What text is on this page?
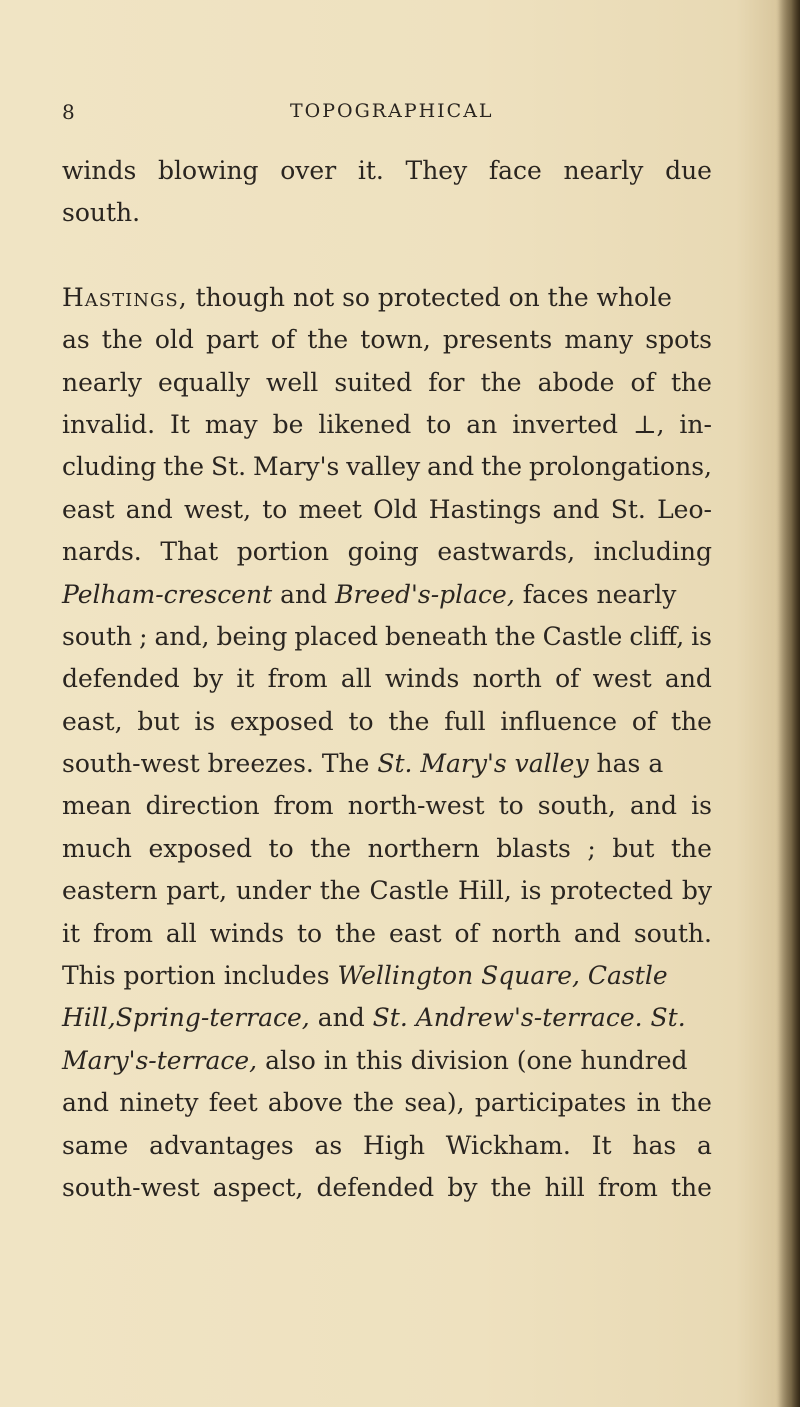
8	TOPOGRAPHICAL
winds blowing over it. They face nearly due
south.
Hastings, though not so protected on the whole
as the old part of the town, presents many spots
nearly equally well suited for the abode of the
invalid. It may be likened to an inverted ⊥, in-
cluding the St. Mary's valley and the prolongations,
east and west, to meet Old Hastings and St. Leo-
nards. That portion going eastwards, including
Pelham-crescent and Breed's-place, faces nearly
south ; and, being placed beneath the Castle cliff, is
defended by it from all winds north of west and
east, but is exposed to the full influence of the
south-west breezes. The St. Mary's valley has a
mean direction from north-west to south, and is
much exposed to the northern blasts ; but the
eastern part, under the Castle Hill, is protected by
it from all winds to the east of north and south.
This portion includes Wellington Square, Castle
Hill,Spring-terrace, and St. Andrew's-terrace. St.
Mary's-terrace, also in this division (one hundred
and ninety feet above the sea), participates in the
same advantages as High Wickham. It has a
south-west aspect, defended by the hill from the
